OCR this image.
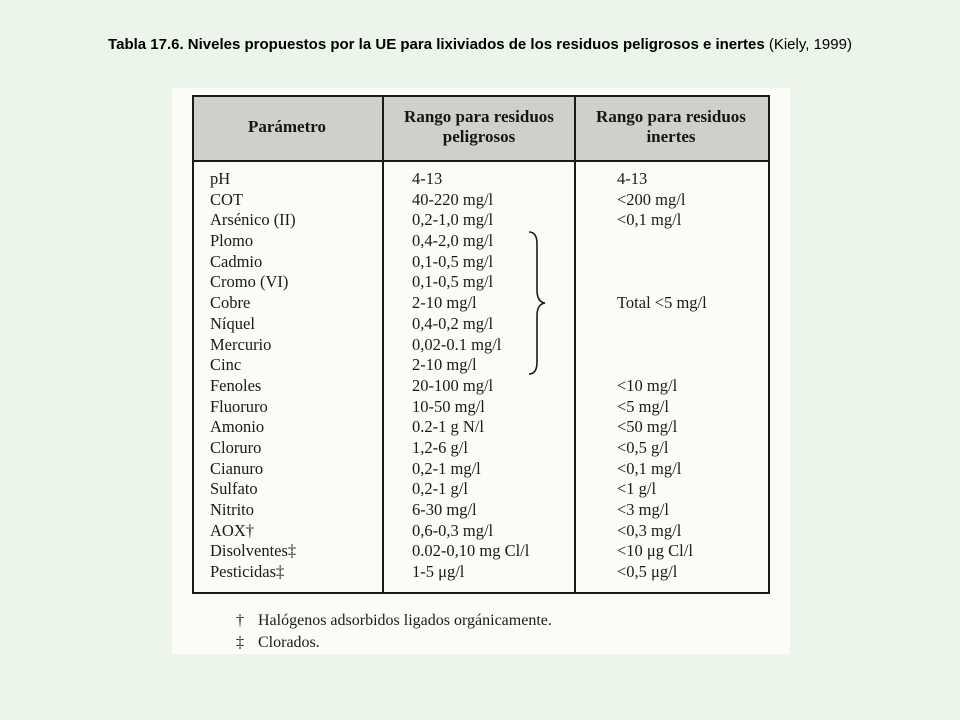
Tabla 17.6. Niveles propuestos por la UE para lixiviados de los residuos peligrosos e inertes (Kiely, 1999)
Parámetro
Rango para residuos
peligrosos
Rango para residuos
inertes
pH
COT
Arsénico (II)
Plomo
Cadmio
Cromo (VI)
Cobre
Níquel
Mercurio
Cinc
Fenoles
Fluoruro
Amonio
Cloruro
Cianuro
Sulfato
Nitrito
AOX†
Disolventes‡
Pesticidas‡
4-13
40-220 mg/l
0,2-1,0 mg/l
0,4-2,0 mg/l
0,1-0,5 mg/l
0,1-0,5 mg/l
2-10 mg/l
0,4-0,2 mg/l
0,02-0.1 mg/l
2-10 mg/l
20-100 mg/l
10-50 mg/l
0.2-1 g N/l
1,2-6 g/l
0,2-1 mg/l
0,2-1 g/l
6-30 mg/l
0,6-0,3 mg/l
0.02-0,10 mg Cl/l
1-5 μg/l
4-13
<200 mg/l
<0,1 mg/l
<10 mg/l
<5 mg/l
<50 mg/l
<0,5 g/l
<0,1 mg/l
<1 g/l
<3 mg/l
<0,3 mg/l
<10 μg Cl/l
<0,5 μg/l
Total <5 mg/l
† Halógenos adsorbidos ligados orgánicamente.
‡ Clorados.
